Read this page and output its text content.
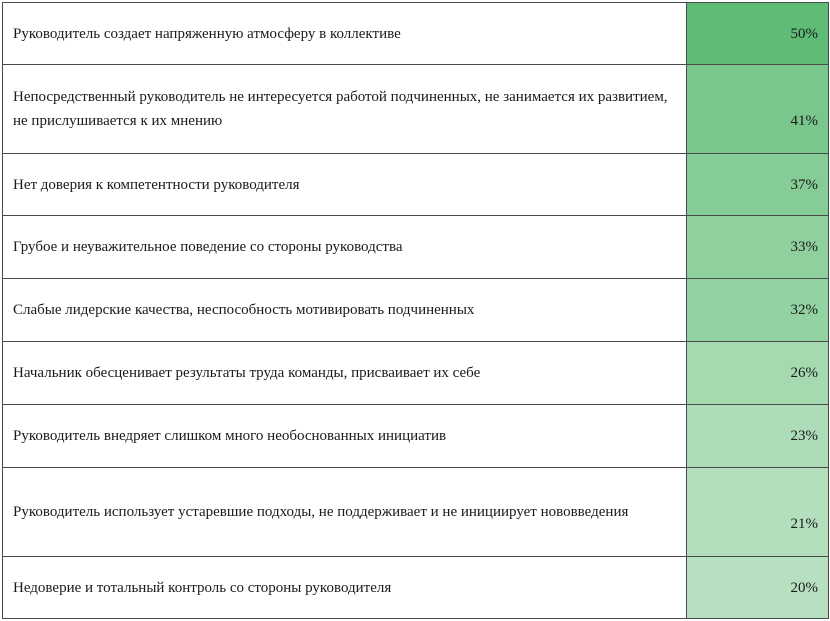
Руководитель создает напряженную атмосферу в коллективе	50%
Непосредственный руководитель не интересуется работой подчиненных, не занимается их развитием, не прислушивается к их мнению	41%
Нет доверия к компетентности руководителя	37%
Грубое и неуважительное поведение со стороны руководства	33%
Слабые лидерские качества, неспособность мотивировать подчиненных	32%
Начальник обесценивает результаты труда команды, присваивает их себе	26%
Руководитель внедряет слишком много необоснованных инициатив	23%
Руководитель использует устаревшие подходы, не поддерживает и не инициирует нововведения	21%
Недоверие и тотальный контроль со стороны руководителя	20%
